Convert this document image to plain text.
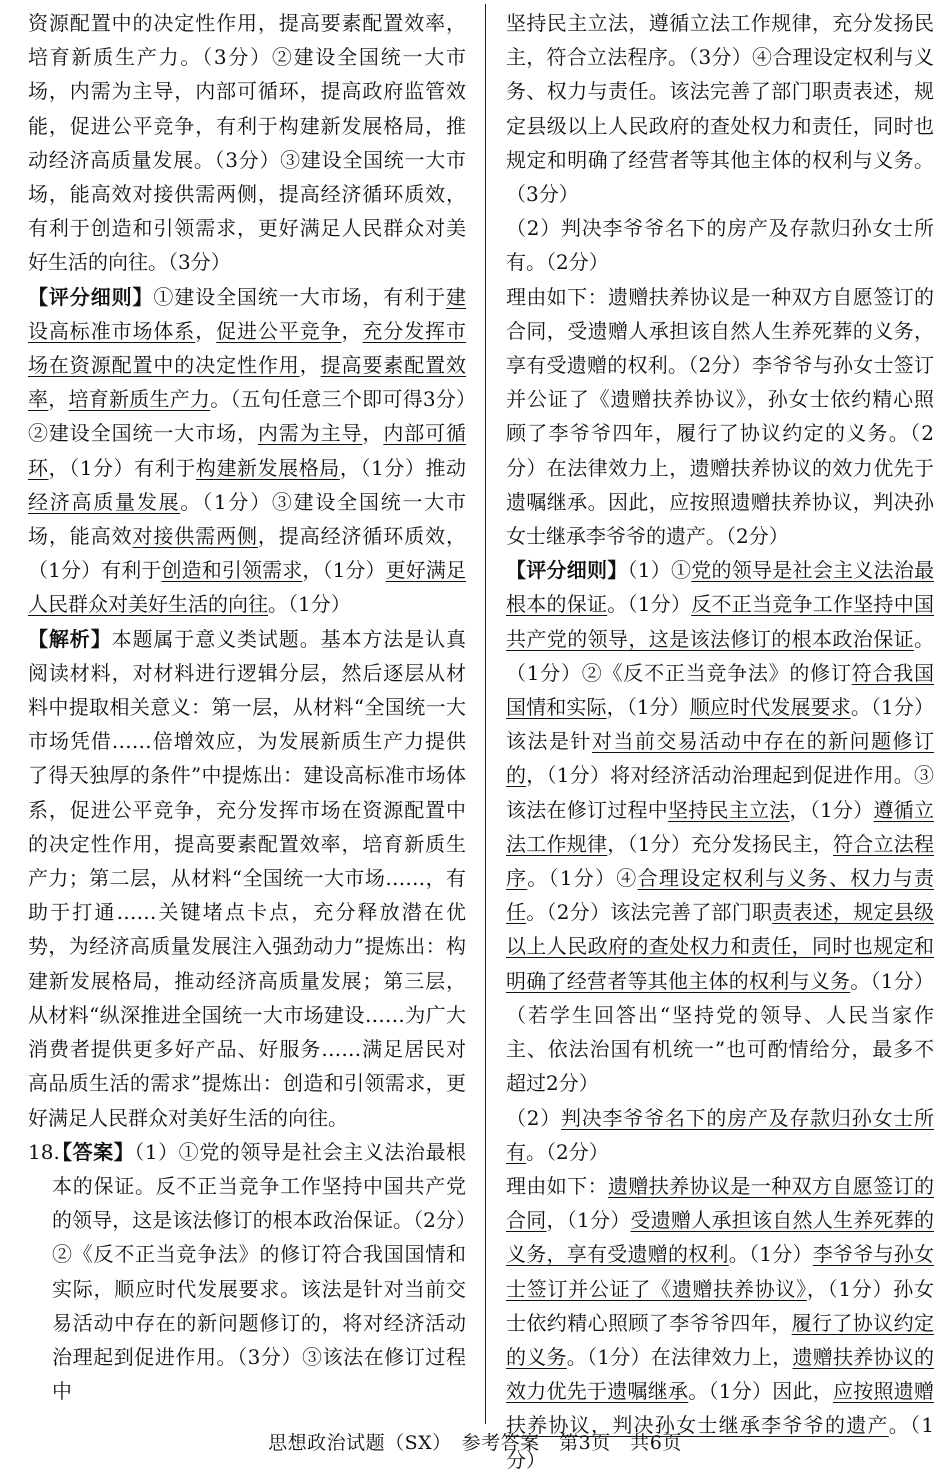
资源配置中的决定性作用，提高要素配置效率，培育新质生产力。（3分）②建设全国统一大市场，内需为主导，内部可循环，提高政府监管效能，促进公平竞争，有利于构建新发展格局，推动经济高质量发展。（3分）③建设全国统一大市场，能高效对接供需两侧，提高经济循环质效，有利于创造和引领需求，更好满足人民群众对美好生活的向往。（3分）

【评分细则】①建设全国统一大市场，有利于建设高标准市场体系，促进公平竞争，充分发挥市场在资源配置中的决定性作用，提高要素配置效率，培育新质生产力。（五句任意三个即可得3分）②建设全国统一大市场，内需为主导，内部可循环，（1分）有利于构建新发展格局，（1分）推动经济高质量发展。（1分）③建设全国统一大市场，能高效对接供需两侧，提高经济循环质效，（1分）有利于创造和引领需求，（1分）更好满足人民群众对美好生活的向往。（1分）

【解析】本题属于意义类试题。基本方法是认真阅读材料，对材料进行逻辑分层，然后逐层从材料中提取相关意义：第一层，从材料“全国统一大市场凭借……倍增效应，为发展新质生产力提供了得天独厚的条件”中提炼出：建设高标准市场体系，促进公平竞争，充分发挥市场在资源配置中的决定性作用，提高要素配置效率，培育新质生产力；第二层，从材料“全国统一大市场……，有助于打通……关键堵点卡点，充分释放潜在优势，为经济高质量发展注入强劲动力”提炼出：构建新发展格局，推动经济高质量发展；第三层，从材料“纵深推进全国统一大市场建设……为广大消费者提供更多好产品、好服务……满足居民对高品质生活的需求”提炼出：创造和引领需求，更好满足人民群众对美好生活的向往。

18.
【答案】（1）①党的领导是社会主义法治最根本的保证。反不正当竞争工作坚持中国共产党的领导，这是该法修订的根本政治保证。（2分）②《反不正当竞争法》的修订符合我国国情和实际，顺应时代发展要求。该法是针对当前交易活动中存在的新问题修订的，将对经济活动治理起到促进作用。（3分）③该法在修订过程中

坚持民主立法，遵循立法工作规律，充分发扬民主，符合立法程序。（3分）④合理设定权利与义务、权力与责任。该法完善了部门职责表述，规定县级以上人民政府的查处权力和责任，同时也规定和明确了经营者等其他主体的权利与义务。（3分）

（2）判决李爷爷名下的房产及存款归孙女士所有。（2分）

理由如下：遗赠扶养协议是一种双方自愿签订的合同，受遗赠人承担该自然人生养死葬的义务，享有受遗赠的权利。（2分）李爷爷与孙女士签订并公证了《遗赠扶养协议》，孙女士依约精心照顾了李爷爷四年，履行了协议约定的义务。（2分）在法律效力上，遗赠扶养协议的效力优先于遗嘱继承。因此，应按照遗赠扶养协议，判决孙女士继承李爷爷的遗产。（2分）

【评分细则】（1）①党的领导是社会主义法治最根本的保证。（1分）反不正当竞争工作坚持中国共产党的领导，这是该法修订的根本政治保证。（1分）②《反不正当竞争法》的修订符合我国国情和实际，（1分）顺应时代发展要求。（1分）该法是针对当前交易活动中存在的新问题修订的，（1分）将对经济活动治理起到促进作用。③该法在修订过程中坚持民主立法，（1分）遵循立法工作规律，（1分）充分发扬民主，符合立法程序。（1分）④合理设定权利与义务、权力与责任。（2分）该法完善了部门职责表述，规定县级以上人民政府的查处权力和责任，同时也规定和明确了经营者等其他主体的权利与义务。（1分）（若学生回答出“坚持党的领导、人民当家作主、依法治国有机统一”也可酌情给分，最多不超过2分）

（2）判决李爷爷名下的房产及存款归孙女士所有。（2分）

理由如下：遗赠扶养协议是一种双方自愿签订的合同，（1分）受遗赠人承担该自然人生养死葬的义务，享有受遗赠的权利。（1分）李爷爷与孙女士签订并公证了《遗赠扶养协议》，（1分）孙女士依约精心照顾了李爷爷四年，履行了协议约定的义务。（1分）在法律效力上，遗赠扶养协议的效力优先于遗嘱继承。（1分）因此，应按照遗赠扶养协议，判决孙女士继承李爷爷的遗产。（1分）

思想政治试题（SX）　参考答案　第3页　共6页
